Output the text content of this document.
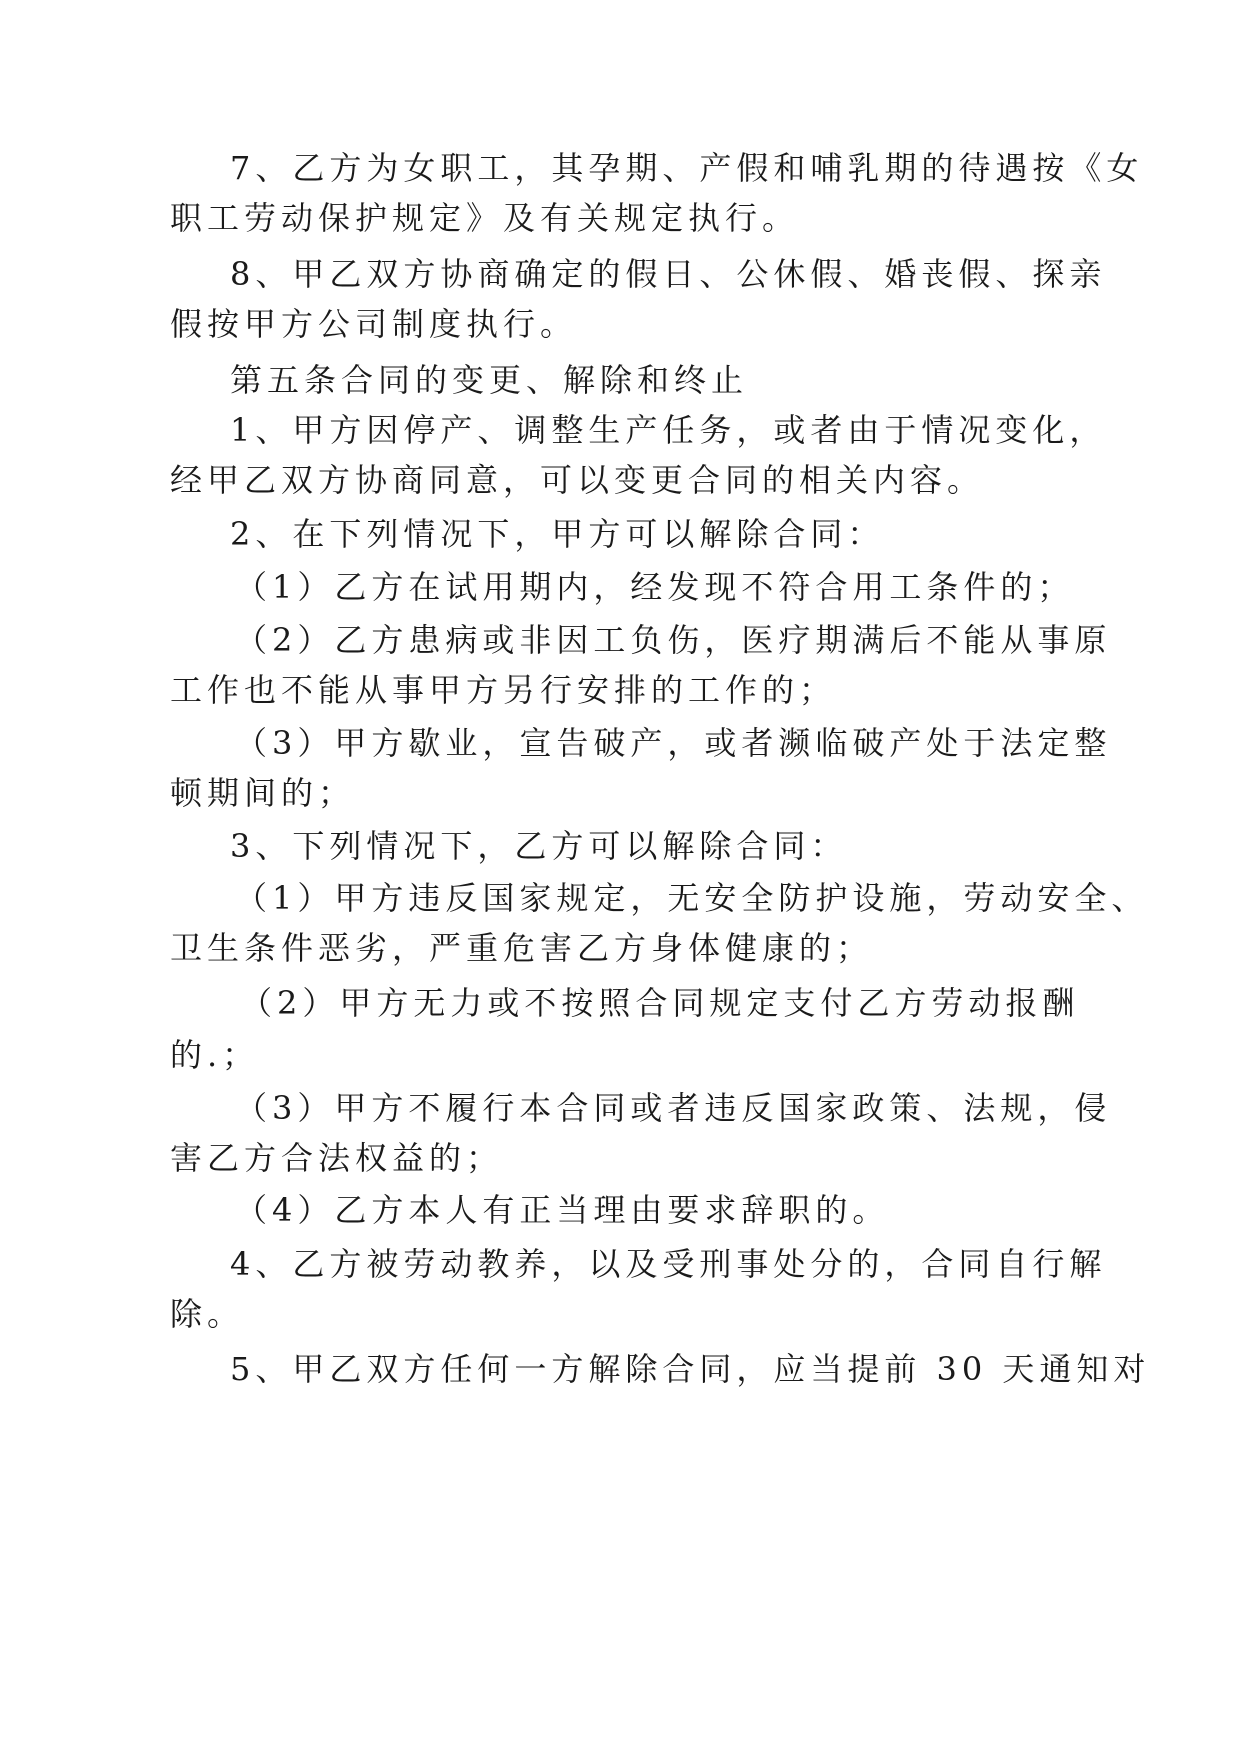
7、乙方为女职工，其孕期、产假和哺乳期的待遇按《女
职工劳动保护规定》及有关规定执行。
8、甲乙双方协商确定的假日、公休假、婚丧假、探亲
假按甲方公司制度执行。
第五条合同的变更、解除和终止
1、甲方因停产、调整生产任务，或者由于情况变化，
经甲乙双方协商同意，可以变更合同的相关内容。
2、在下列情况下，甲方可以解除合同：
（1）乙方在试用期内，经发现不符合用工条件的；
（2）乙方患病或非因工负伤，医疗期满后不能从事原
工作也不能从事甲方另行安排的工作的；
（3）甲方歇业，宣告破产，或者濒临破产处于法定整
顿期间的；
3、下列情况下，乙方可以解除合同：
（1）甲方违反国家规定，无安全防护设施，劳动安全、
卫生条件恶劣，严重危害乙方身体健康的；
（2）甲方无力或不按照合同规定支付乙方劳动报酬
的.；
（3）甲方不履行本合同或者违反国家政策、法规，侵
害乙方合法权益的；
（4）乙方本人有正当理由要求辞职的。
4、乙方被劳动教养，以及受刑事处分的，合同自行解
除。
5、甲乙双方任何一方解除合同，应当提前 30 天通知对
